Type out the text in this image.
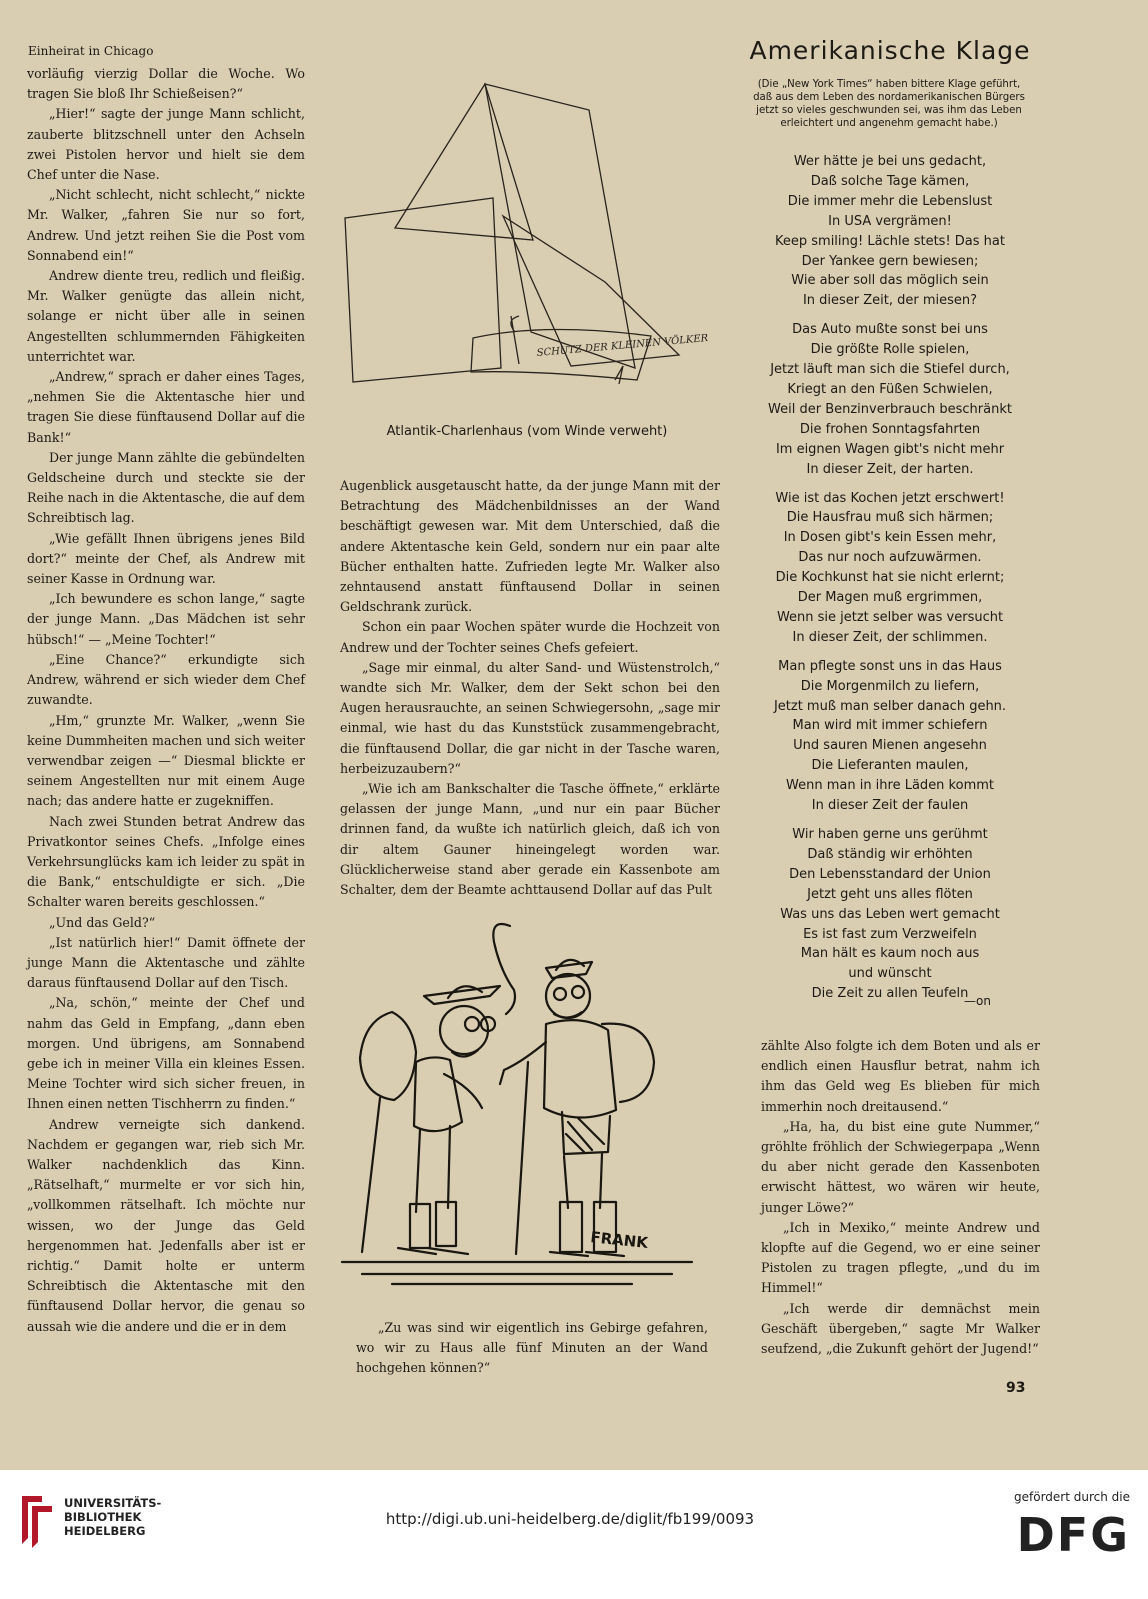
Einheirat in Chicago

vorläufig vierzig Dollar die Woche. Wo tragen Sie bloß Ihr Schießeisen?“

„Hier!“ sagte der junge Mann schlicht, zauberte blitzschnell unter den Achseln zwei Pistolen hervor und hielt sie dem Chef unter die Nase.

„Nicht schlecht, nicht schlecht,“ nickte Mr. Walker, „fahren Sie nur so fort, Andrew. Und jetzt reihen Sie die Post vom Sonnabend ein!“

Andrew diente treu, redlich und fleißig. Mr. Walker genügte das allein nicht, solange er nicht über alle in seinen Angestellten schlummernden Fähigkeiten unterrichtet war.

„Andrew,“ sprach er daher eines Tages, „nehmen Sie die Aktentasche hier und tragen Sie diese fünftausend Dollar auf die Bank!“

Der junge Mann zählte die gebündelten Geldscheine durch und steckte sie der Reihe nach in die Aktentasche, die auf dem Schreibtisch lag.

„Wie gefällt Ihnen übrigens jenes Bild dort?“ meinte der Chef, als Andrew mit seiner Kasse in Ordnung war.

„Ich bewundere es schon lange,“ sagte der junge Mann. „Das Mädchen ist sehr hübsch!“ — „Meine Tochter!“

„Eine Chance?“ erkundigte sich Andrew, während er sich wieder dem Chef zuwandte.

„Hm,“ grunzte Mr. Walker, „wenn Sie keine Dummheiten machen und sich weiter verwendbar zeigen —“ Diesmal blickte er seinem Angestellten nur mit einem Auge nach; das andere hatte er zugekniffen.

Nach zwei Stunden betrat Andrew das Privatkontor seines Chefs. „Infolge eines Verkehrsunglücks kam ich leider zu spät in die Bank,“ entschuldigte er sich. „Die Schalter waren bereits geschlossen.“

„Und das Geld?“

„Ist natürlich hier!“ Damit öffnete der junge Mann die Aktentasche und zählte daraus fünftausend Dollar auf den Tisch.

„Na, schön,“ meinte der Chef und nahm das Geld in Empfang, „dann eben morgen. Und übrigens, am Sonnabend gebe ich in meiner Villa ein kleines Essen. Meine Tochter wird sich sicher freuen, in Ihnen einen netten Tischherrn zu finden.“

Andrew verneigte sich dankend. Nachdem er gegangen war, rieb sich Mr. Walker nachdenklich das Kinn. „Rätselhaft,“ murmelte er vor sich hin, „vollkommen rätselhaft. Ich möchte nur wissen, wo der Junge das Geld hergenommen hat. Jedenfalls aber ist er richtig.“ Damit holte er unterm Schreibtisch die Aktentasche mit den fünftausend Dollar hervor, die genau so aussah wie die andere und die er in dem

SCHUTZ DER KLEINEN VÖLKER
Atlantik-Charlenhaus (vom Winde verweht)

Augenblick ausgetauscht hatte, da der junge Mann mit der Betrachtung des Mädchenbildnisses an der Wand beschäftigt gewesen war. Mit dem Unterschied, daß die andere Aktentasche kein Geld, sondern nur ein paar alte Bücher enthalten hatte. Zufrieden legte Mr. Walker also zehntausend anstatt fünftausend Dollar in seinen Geldschrank zurück.

Schon ein paar Wochen später wurde die Hochzeit von Andrew und der Tochter seines Chefs gefeiert.

„Sage mir einmal, du alter Sand- und Wüstenstrolch,“ wandte sich Mr. Walker, dem der Sekt schon bei den Augen herausrauchte, an seinen Schwiegersohn, „sage mir einmal, wie hast du das Kunststück zusammengebracht, die fünftausend Dollar, die gar nicht in der Tasche waren, herbeizuzaubern?“

„Wie ich am Bankschalter die Tasche öffnete,“ erklärte gelassen der junge Mann, „und nur ein paar Bücher drinnen fand, da wußte ich natürlich gleich, daß ich von dir altem Gauner hineingelegt worden war. Glücklicherweise stand aber gerade ein Kassenbote am Schalter, dem der Beamte achttausend Dollar auf das Pult

FRANK
„Zu was sind wir eigentlich ins Gebirge gefahren, wo wir zu Haus alle fünf Minuten an der Wand hochgehen können?“
Amerikanische Klage
(Die „New York Times“ haben bittere Klage geführt, daß aus dem Leben des nordamerikanischen Bürgers jetzt so vieles geschwunden sei, was ihm das Leben erleichtert und angenehm gemacht habe.)
Wer hätte je bei uns gedacht,
Daß solche Tage kämen,
Die immer mehr die Lebenslust
In USA vergrämen!
Keep smiling! Lächle stets! Das hat
Der Yankee gern bewiesen;
Wie aber soll das möglich sein
In dieser Zeit, der miesen?
Das Auto mußte sonst bei uns
Die größte Rolle spielen,
Jetzt läuft man sich die Stiefel durch,
Kriegt an den Füßen Schwielen,
Weil der Benzinverbrauch beschränkt
Die frohen Sonntagsfahrten
Im eignen Wagen gibt's nicht mehr
In dieser Zeit, der harten.
Wie ist das Kochen jetzt erschwert!
Die Hausfrau muß sich härmen;
In Dosen gibt's kein Essen mehr,
Das nur noch aufzuwärmen.
Die Kochkunst hat sie nicht erlernt;
Der Magen muß ergrimmen,
Wenn sie jetzt selber was versucht
In dieser Zeit, der schlimmen.
Man pflegte sonst uns in das Haus
Die Morgenmilch zu liefern,
Jetzt muß man selber danach gehn.
Man wird mit immer schiefern
Und sauren Mienen angesehn
Die Lieferanten maulen,
Wenn man in ihre Läden kommt
In dieser Zeit der faulen
Wir haben gerne uns gerühmt
Daß ständig wir erhöhten
Den Lebensstandard der Union
Jetzt geht uns alles flöten
Was uns das Leben wert gemacht
Es ist fast zum Verzweifeln
Man hält es kaum noch aus
und wünscht
Die Zeit zu allen Teufeln
—on

zählte Also folgte ich dem Boten und als er endlich einen Hausflur betrat, nahm ich ihm das Geld weg Es blieben für mich immerhin noch dreitausend.“

„Ha, ha, du bist eine gute Nummer,“ gröhlte fröhlich der Schwiegerpapa „Wenn du aber nicht gerade den Kassenboten erwischt hättest, wo wären wir heute, junger Löwe?“

„Ich in Mexiko,“ meinte Andrew und klopfte auf die Gegend, wo er eine seiner Pistolen zu tragen pflegte, „und du im Himmel!“

„Ich werde dir demnächst mein Geschäft übergeben,“ sagte Mr Walker seufzend, „die Zukunft gehört der Jugend!“

93
UNIVERSITÄTS-
BIBLIOTHEK
HEIDELBERG
http://digi.ub.uni-heidelberg.de/diglit/fb199/0093
gefördert durch die
DFG
